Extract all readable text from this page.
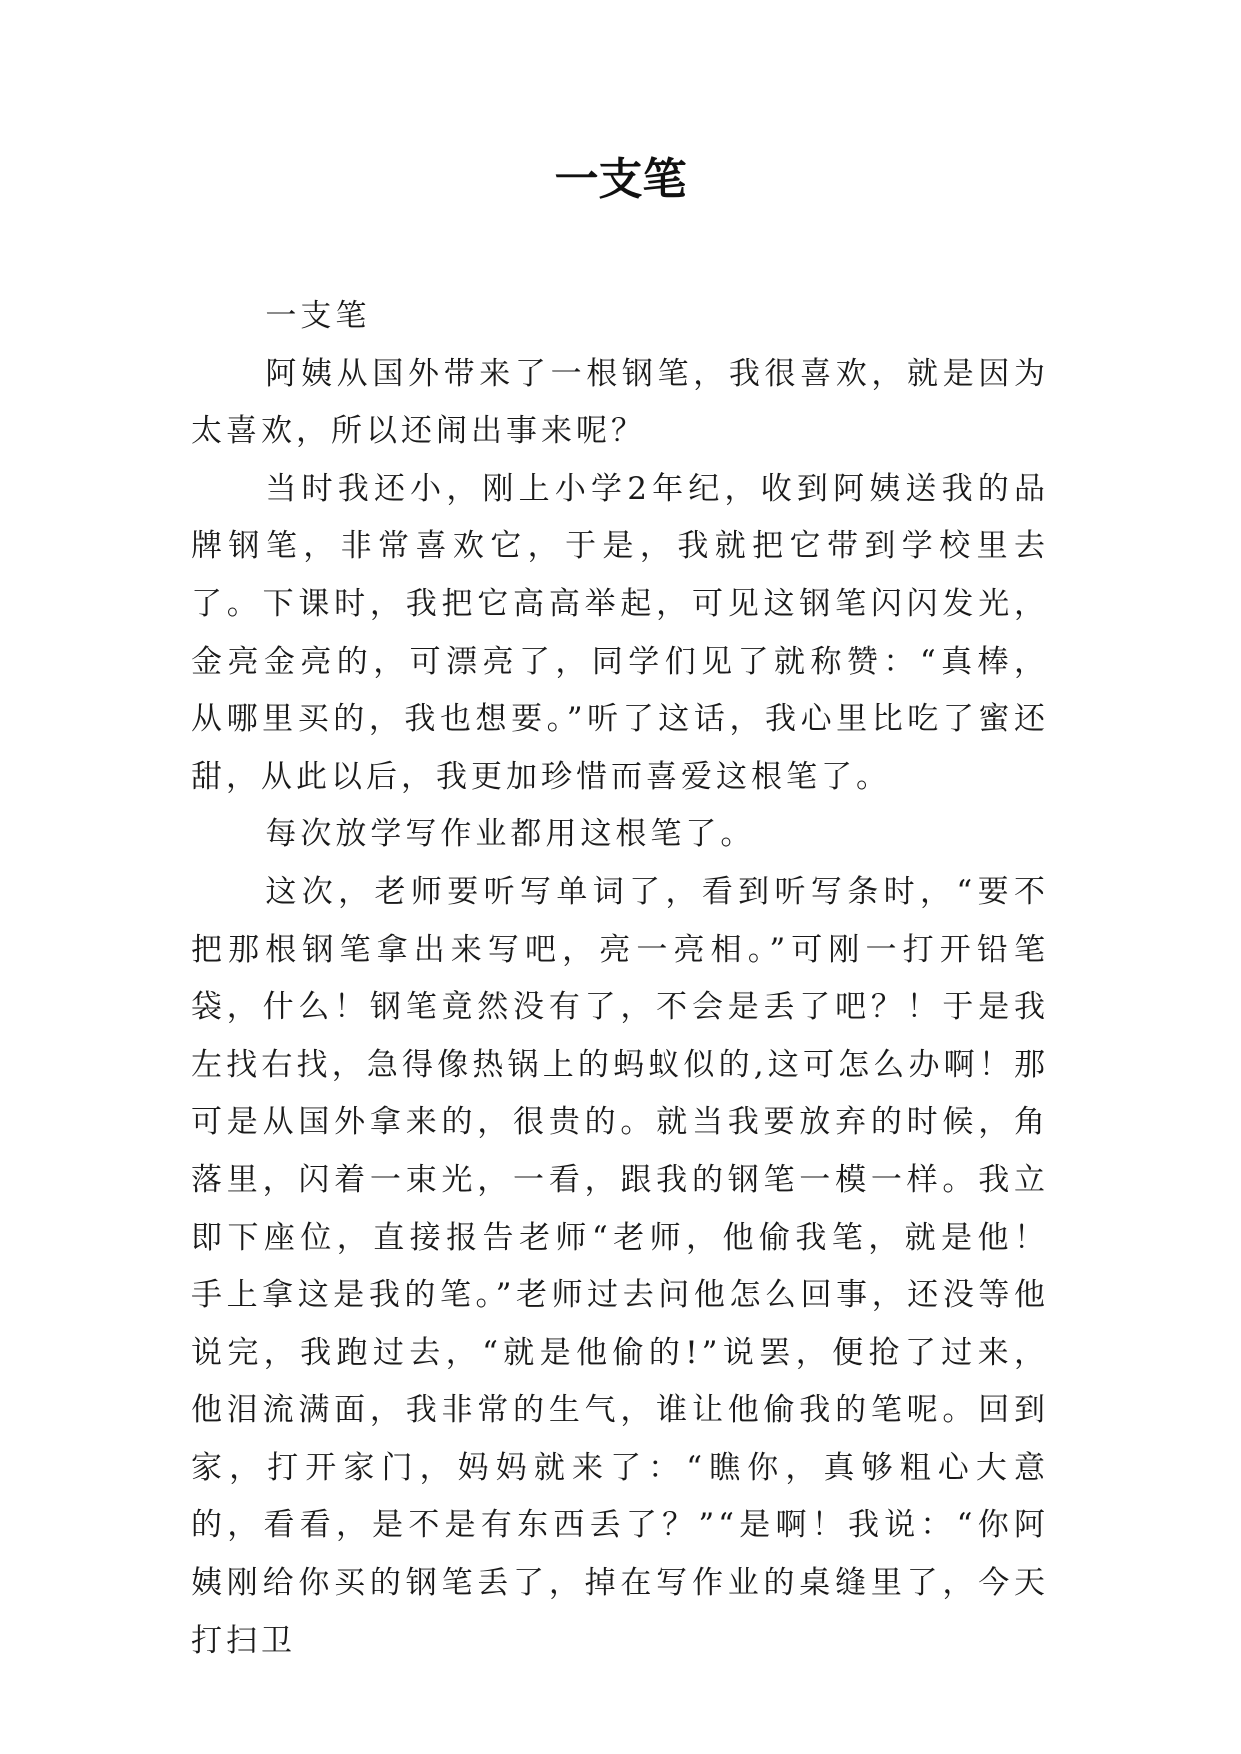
一支笔

一支笔

阿姨从国外带来了一根钢笔，我很喜欢，就是因为太喜欢，所以还闹出事来呢？

当时我还小，刚上小学2年纪，收到阿姨送我的品牌钢笔，非常喜欢它，于是，我就把它带到学校里去了。下课时，我把它高高举起，可见这钢笔闪闪发光，金亮金亮的，可漂亮了，同学们见了就称赞：“真棒，从哪里买的，我也想要。”听了这话，我心里比吃了蜜还甜，从此以后，我更加珍惜而喜爱这根笔了。

每次放学写作业都用这根笔了。

这次，老师要听写单词了，看到听写条时，“要不把那根钢笔拿出来写吧，亮一亮相。”可刚一打开铅笔袋，什么！钢笔竟然没有了，不会是丢了吧？！于是我左找右找，急得像热锅上的蚂蚁似的,这可怎么办啊！那可是从国外拿来的，很贵的。就当我要放弃的时候，角落里，闪着一束光，一看，跟我的钢笔一模一样。我立即下座位，直接报告老师“老师，他偷我笔，就是他！手上拿这是我的笔。”老师过去问他怎么回事，还没等他说完，我跑过去，“就是他偷的!”说罢，便抢了过来，他泪流满面，我非常的生气，谁让他偷我的笔呢。回到家，打开家门，妈妈就来了：“瞧你，真够粗心大意的，看看，是不是有东西丢了？”“是啊！我说：“你阿姨刚给你买的钢笔丢了，掉在写作业的桌缝里了，今天打扫卫
